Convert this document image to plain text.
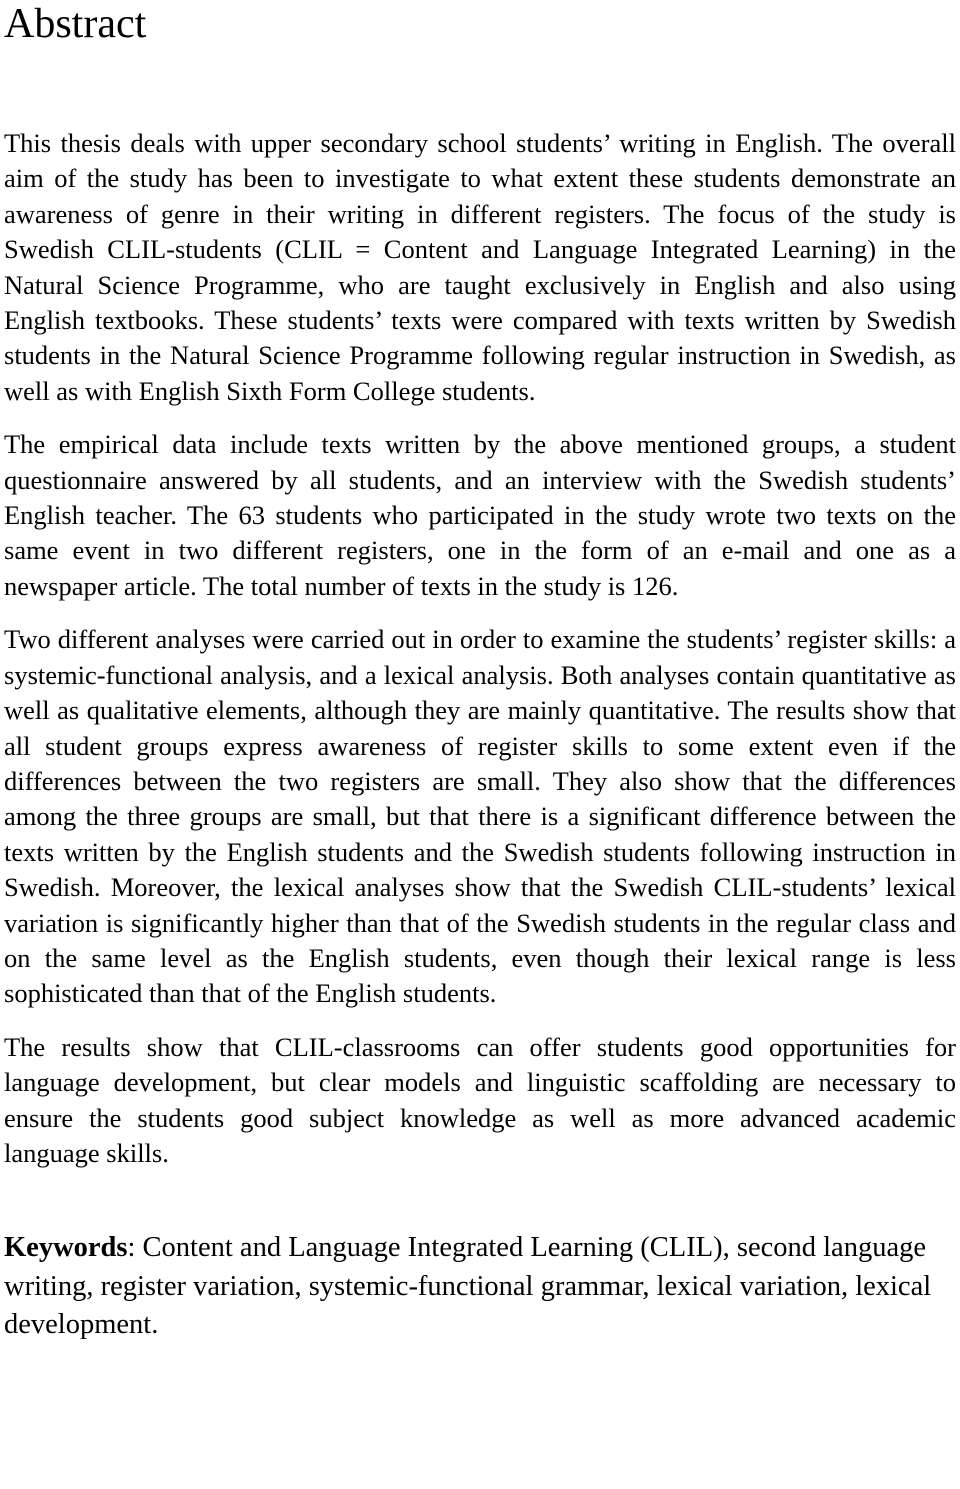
Abstract

This thesis deals with upper secondary school students’ writing in English. The overall aim of the study has been to investigate to what extent these students demonstrate an awareness of genre in their writing in different registers. The focus of the study is Swedish CLIL-students (CLIL = Content and Language Integrated Learning) in the Natural Science Programme, who are taught exclusively in English and also using English textbooks. These students’ texts were compared with texts written by Swedish students in the Natural Science Programme following regular instruction in Swedish, as well as with English Sixth Form College students.

The empirical data include texts written by the above mentioned groups, a student questionnaire answered by all students, and an interview with the Swedish students’ English teacher. The 63 students who participated in the study wrote two texts on the same event in two different registers, one in the form of an e-mail and one as a newspaper article. The total number of texts in the study is 126.

Two different analyses were carried out in order to examine the students’ register skills: a systemic-functional analysis, and a lexical analysis. Both analyses contain quantitative as well as qualitative elements, although they are mainly quantitative. The results show that all student groups express awareness of register skills to some extent even if the differences between the two registers are small. They also show that the differences among the three groups are small, but that there is a significant difference between the texts written by the English students and the Swedish students following instruction in Swedish. Moreover, the lexical analyses show that the Swedish CLIL-students’ lexical variation is significantly higher than that of the Swedish students in the regular class and on the same level as the English students, even though their lexical range is less sophisticated than that of the English students.

The results show that CLIL-classrooms can offer students good opportunities for language development, but clear models and linguistic scaffolding are necessary to ensure the students good subject knowledge as well as more advanced academic language skills.

Keywords: Content and Language Integrated Learning (CLIL), second language writing, register variation, systemic-functional grammar, lexical variation, lexical development.
